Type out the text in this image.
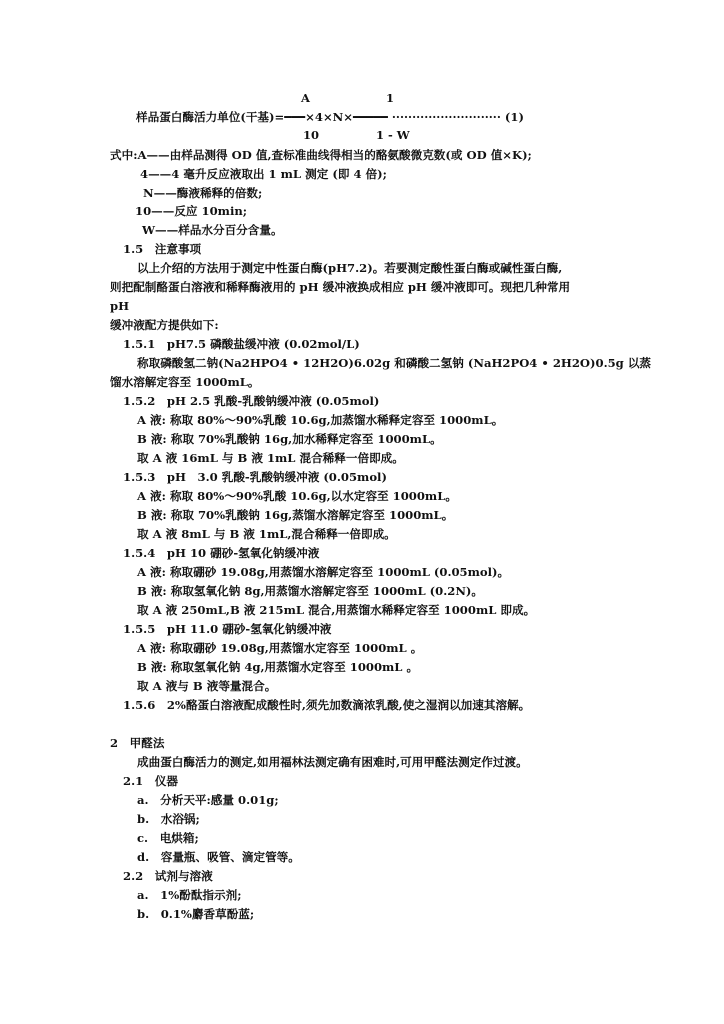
A	1
样品蛋白酶活力单位(干基)=━━━×4×N×━━━━━ ··························· (1)
10	1 - W
式中:A——由样品测得 OD 值,查标准曲线得相当的酪氨酸微克数(或 OD 值×K);
4——4 毫升反应液取出 1 mL 测定 (即 4 倍);
N——酶液稀释的倍数;
10——反应 10min;
W——样品水分百分含量。
1.5　注意事项
以上介绍的方法用于测定中性蛋白酶(pH7.2)。若要测定酸性蛋白酶或碱性蛋白酶,
则把配制酪蛋白溶液和稀释酶液用的 pH 缓冲液换成相应 pH 缓冲液即可。现把几种常用
pH
缓冲液配方提供如下:
1.5.1　pH7.5 磷酸盐缓冲液 (0.02mol/L)
称取磷酸氢二钠(Na2HPO4 • 12H2O)6.02g 和磷酸二氢钠 (NaH2PO4 • 2H2O)0.5g 以蒸
馏水溶解定容至 1000mL。
1.5.2　pH 2.5 乳酸-乳酸钠缓冲液 (0.05mol)
A 液: 称取 80%～90%乳酸 10.6g,加蒸馏水稀释定容至 1000mL。
B 液: 称取 70%乳酸钠 16g,加水稀释定容至 1000mL。
取 A 液 16mL 与 B 液 1mL 混合稀释一倍即成。
1.5.3　pH　3.0 乳酸-乳酸钠缓冲液 (0.05mol)
A 液: 称取 80%～90%乳酸 10.6g,以水定容至 1000mL。
B 液: 称取 70%乳酸钠 16g,蒸馏水溶解定容至 1000mL。
取 A 液 8mL 与 B 液 1mL,混合稀释一倍即成。
1.5.4　pH 10 硼砂-氢氧化钠缓冲液
A 液: 称取硼砂 19.08g,用蒸馏水溶解定容至 1000mL (0.05mol)。
B 液: 称取氢氧化钠 8g,用蒸馏水溶解定容至 1000mL (0.2N)。
取 A 液 250mL,B 液 215mL 混合,用蒸馏水稀释定容至 1000mL 即成。
1.5.5　pH 11.0 硼砂-氢氧化钠缓冲液
A 液: 称取硼砂 19.08g,用蒸馏水定容至 1000mL 。
B 液: 称取氢氧化钠 4g,用蒸馏水定容至 1000mL 。
取 A 液与 B 液等量混合。
1.5.6　2%酪蛋白溶液配成酸性时,须先加数滴浓乳酸,使之湿润以加速其溶解。
2　甲醛法
成曲蛋白酶活力的测定,如用福林法测定确有困难时,可用甲醛法测定作过渡。
2.1　仪器
a.　分析天平:感量 0.01g;
b.　水浴锅;
c.　电烘箱;
d.　容量瓶、吸管、滴定管等。
2.2　试剂与溶液
a.　1%酚酞指示剂;
b.　0.1%麝香草酚蓝;
